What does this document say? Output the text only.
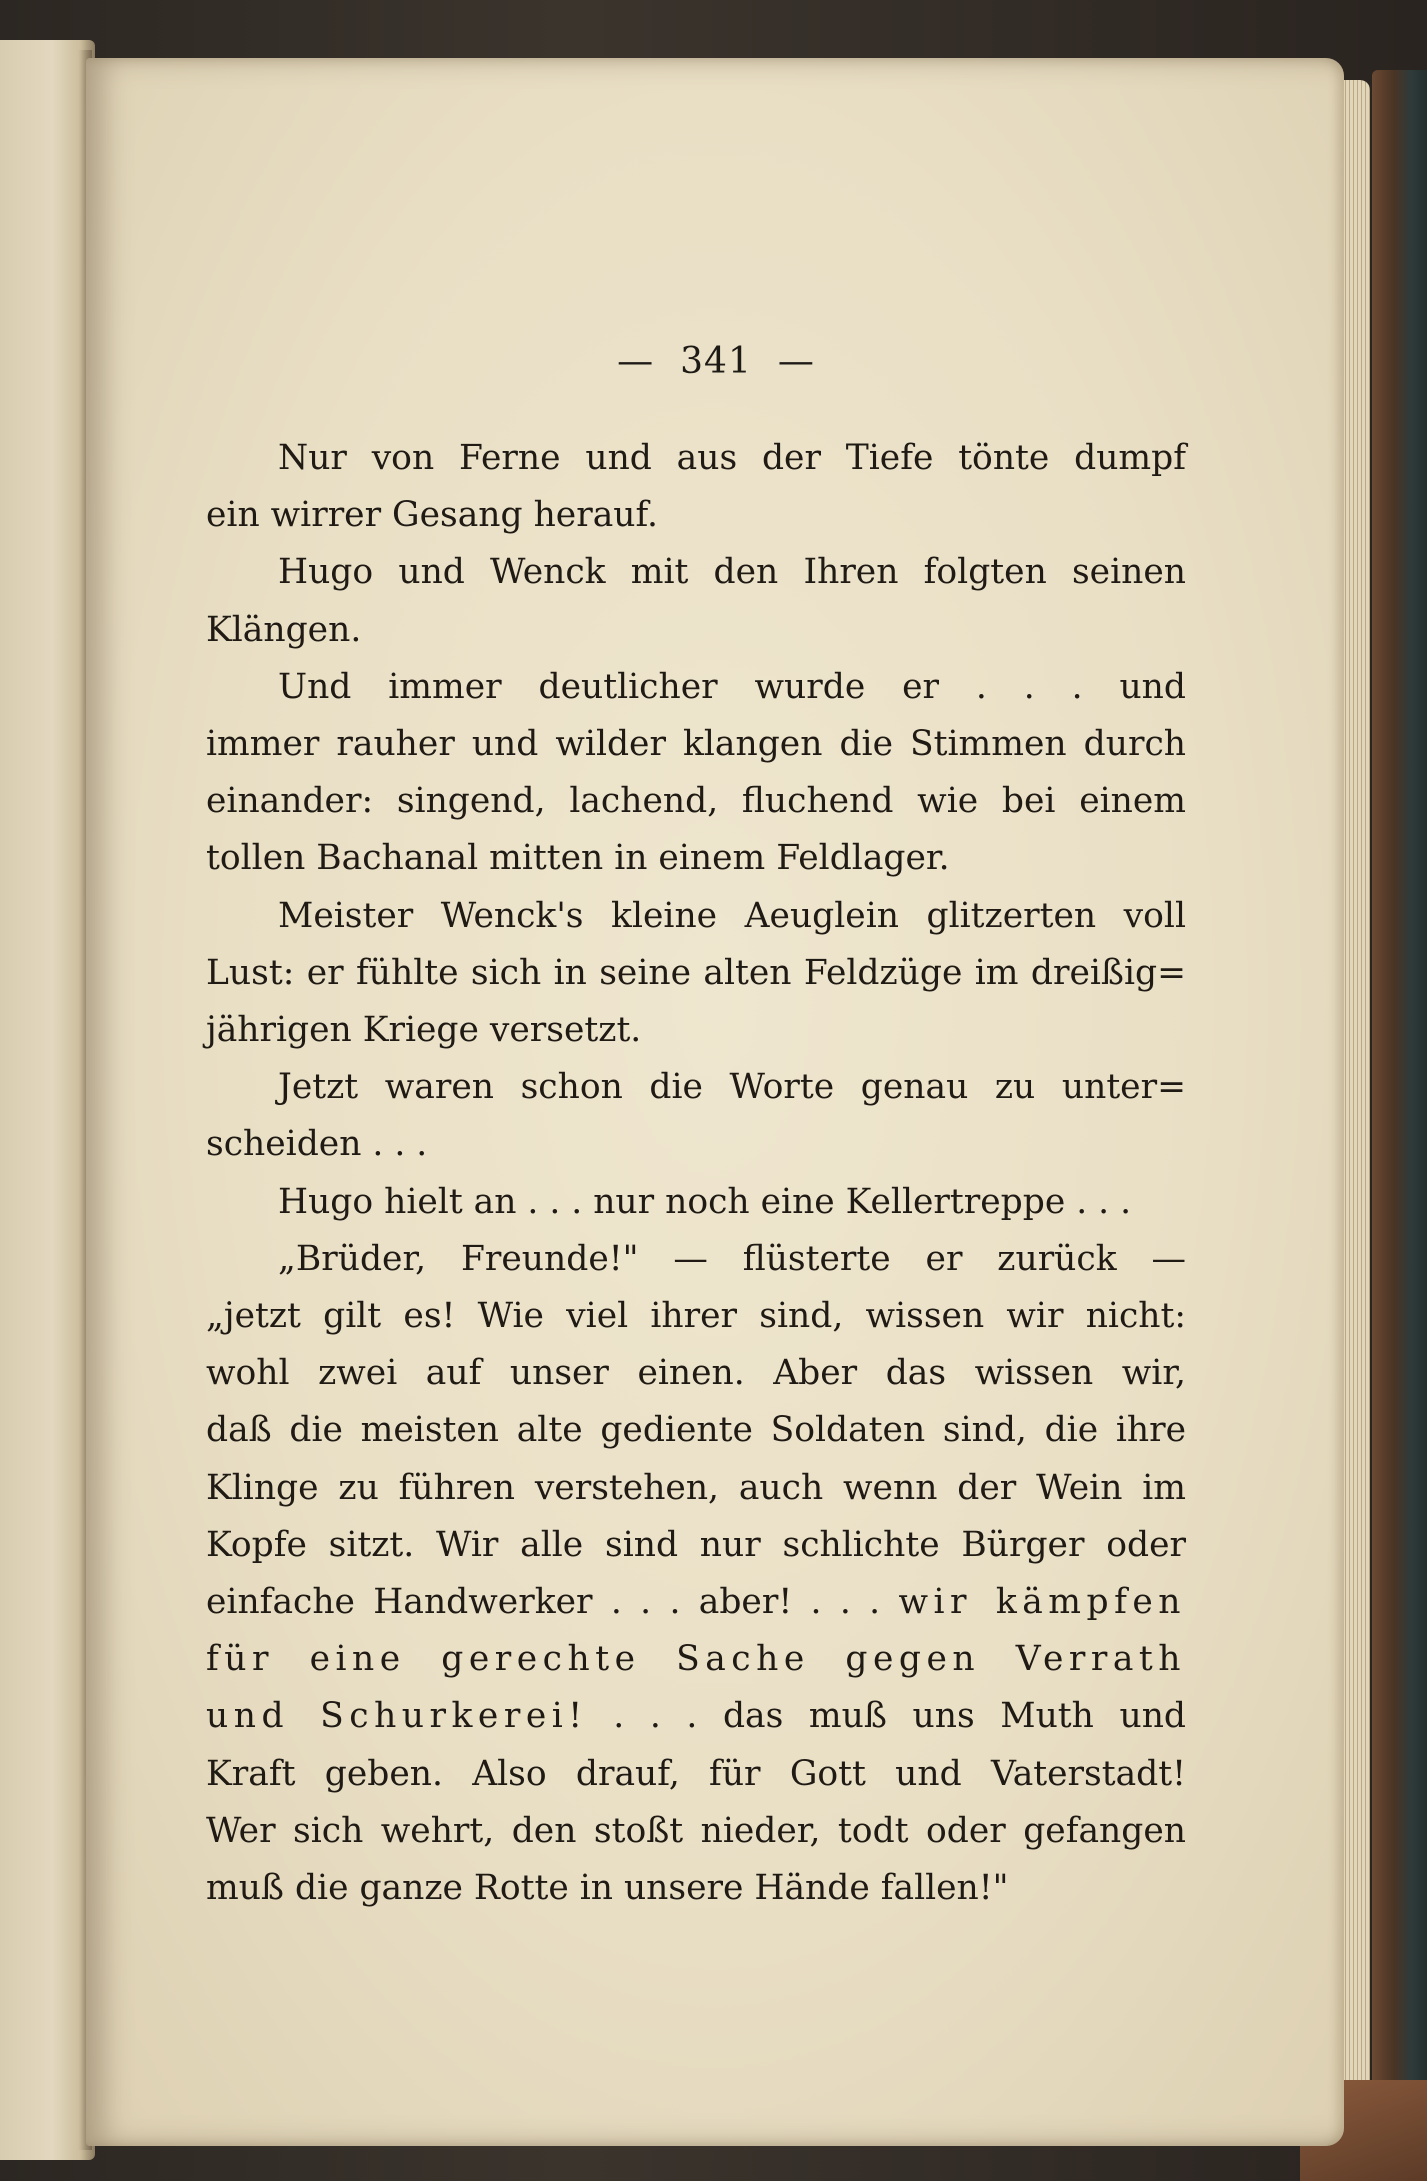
— 341 —
Nur von Ferne und aus der Tiefe tönte dumpf
ein wirrer Gesang herauf.
Hugo und Wenck mit den Ihren folgten seinen
Klängen.
Und immer deutlicher wurde er . . . und
immer rauher und wilder klangen die Stimmen durch
einander: singend, lachend, fluchend wie bei einem
tollen Bachanal mitten in einem Feldlager.
Meister Wenck's kleine Aeuglein glitzerten voll
Lust: er fühlte sich in seine alten Feldzüge im dreißig=
jährigen Kriege versetzt.
Jetzt waren schon die Worte genau zu unter=
scheiden . . .
Hugo hielt an . . . nur noch eine Kellertreppe . . .
„Brüder, Freunde!" — flüsterte er zurück —
„jetzt gilt es! Wie viel ihrer sind, wissen wir nicht:
wohl zwei auf unser einen. Aber das wissen wir,
daß die meisten alte gediente Soldaten sind, die ihre
Klinge zu führen verstehen, auch wenn der Wein im
Kopfe sitzt. Wir alle sind nur schlichte Bürger oder
einfache Handwerker . . . aber! . . . wir kämpfen
für eine gerechte Sache gegen Verrath
und Schurkerei! . . . das muß uns Muth und
Kraft geben. Also drauf, für Gott und Vaterstadt!
Wer sich wehrt, den stoßt nieder, todt oder gefangen
muß die ganze Rotte in unsere Hände fallen!"
